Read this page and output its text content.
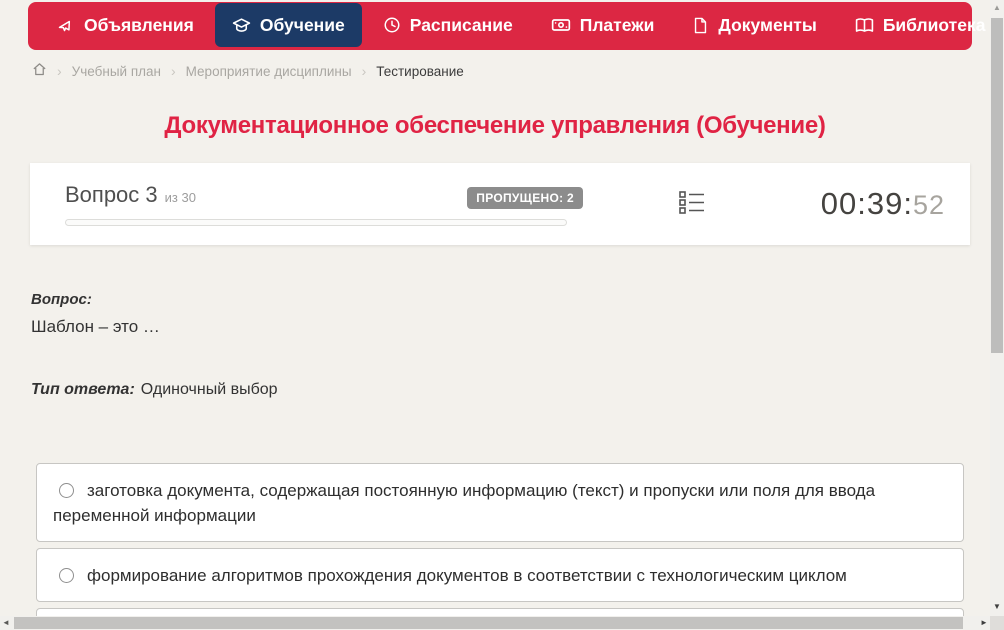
Объявления	Обучение	Расписание	Платежи	Документы	Библиотека
› Учебный план › Мероприятие дисциплины › Тестирование
Документационное обеспечение управления (Обучение)
Вопрос 3 из 30	ПРОПУЩЕНО: 2	00:39:52
Вопрос:
Шаблон – это …
Тип ответа: Одиночный выбор
заготовка документа, содержащая постоянную информацию (текст) и пропуски или поля для ввода переменной информации
формирование алгоритмов прохождения документов в соответствии с технологическим циклом
▲
▼
◄	►
